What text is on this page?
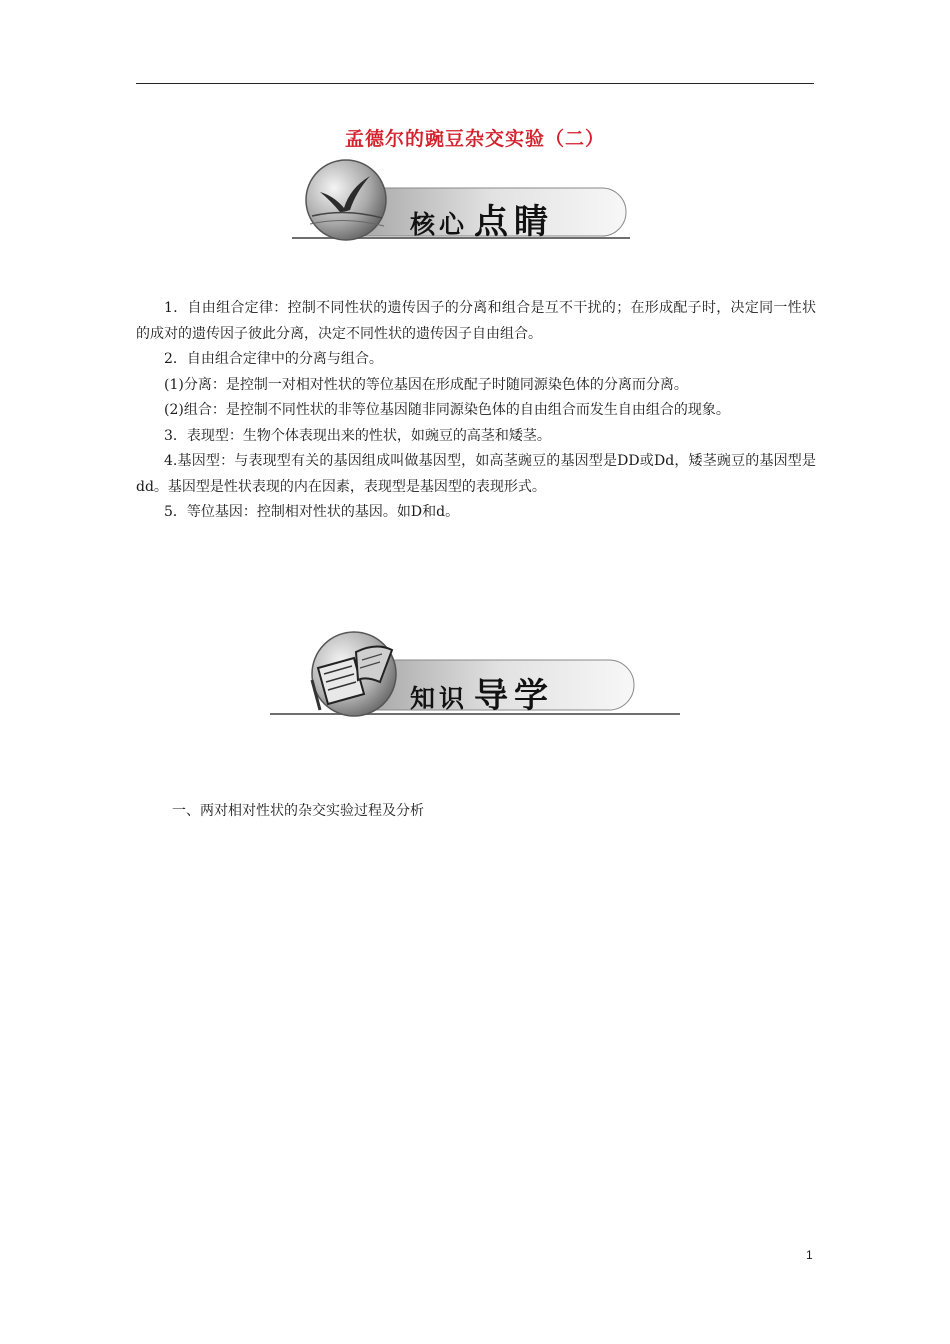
孟德尔的豌豆杂交实验（二）
核心 点睛

1．自由组合定律：控制不同性状的遗传因子的分离和组合是互不干扰的；在形成配子时，决定同一性状的成对的遗传因子彼此分离，决定不同性状的遗传因子自由组合。

2．自由组合定律中的分离与组合。

(1)分离：是控制一对相对性状的等位基因在形成配子时随同源染色体的分离而分离。

(2)组合：是控制不同性状的非等位基因随非同源染色体的自由组合而发生自由组合的现象。

3．表现型：生物个体表现出来的性状，如豌豆的高茎和矮茎。

4.基因型：与表现型有关的基因组成叫做基因型，如高茎豌豆的基因型是DD或Dd，矮茎豌豆的基因型是dd。基因型是性状表现的内在因素，表现型是基因型的表现形式。

5．等位基因：控制相对性状的基因。如D和d。

知识 导学
一、两对相对性状的杂交实验过程及分析
1
